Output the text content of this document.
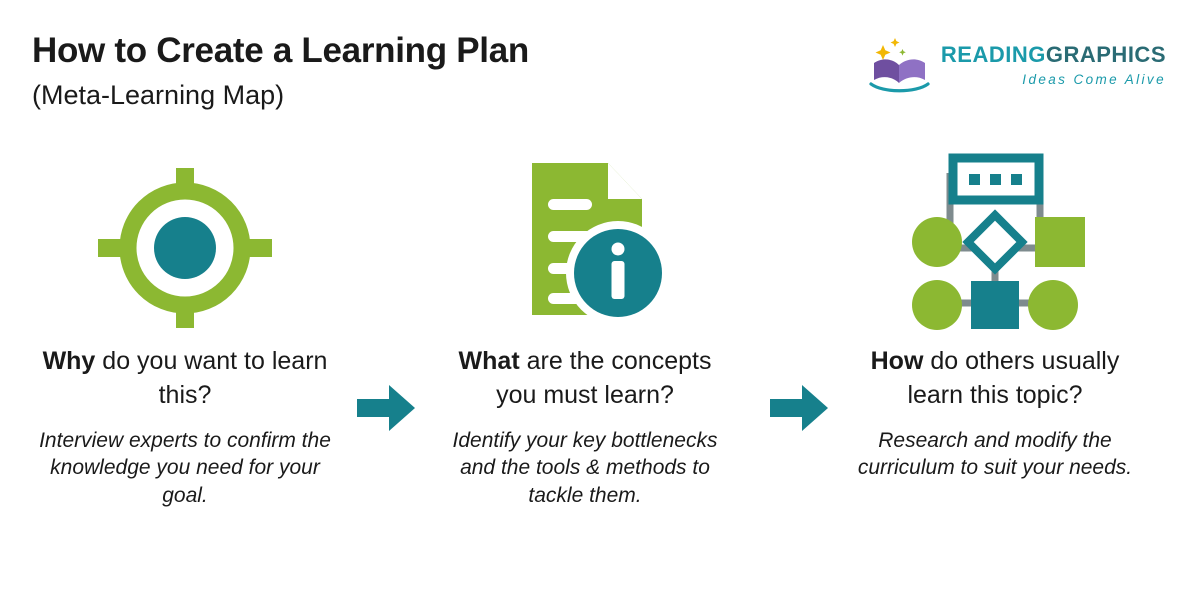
How to Create a Learning Plan
(Meta-Learning Map)
READINGGRAPHICS
Ideas Come Alive
Why do you want to learn this?
Interview experts to confirm the knowledge you need for your goal.
What are the concepts you must learn?
Identify your key bottlenecks and the tools & methods to tackle them.
How do others usually learn this topic?
Research and modify the curriculum to suit your needs.
